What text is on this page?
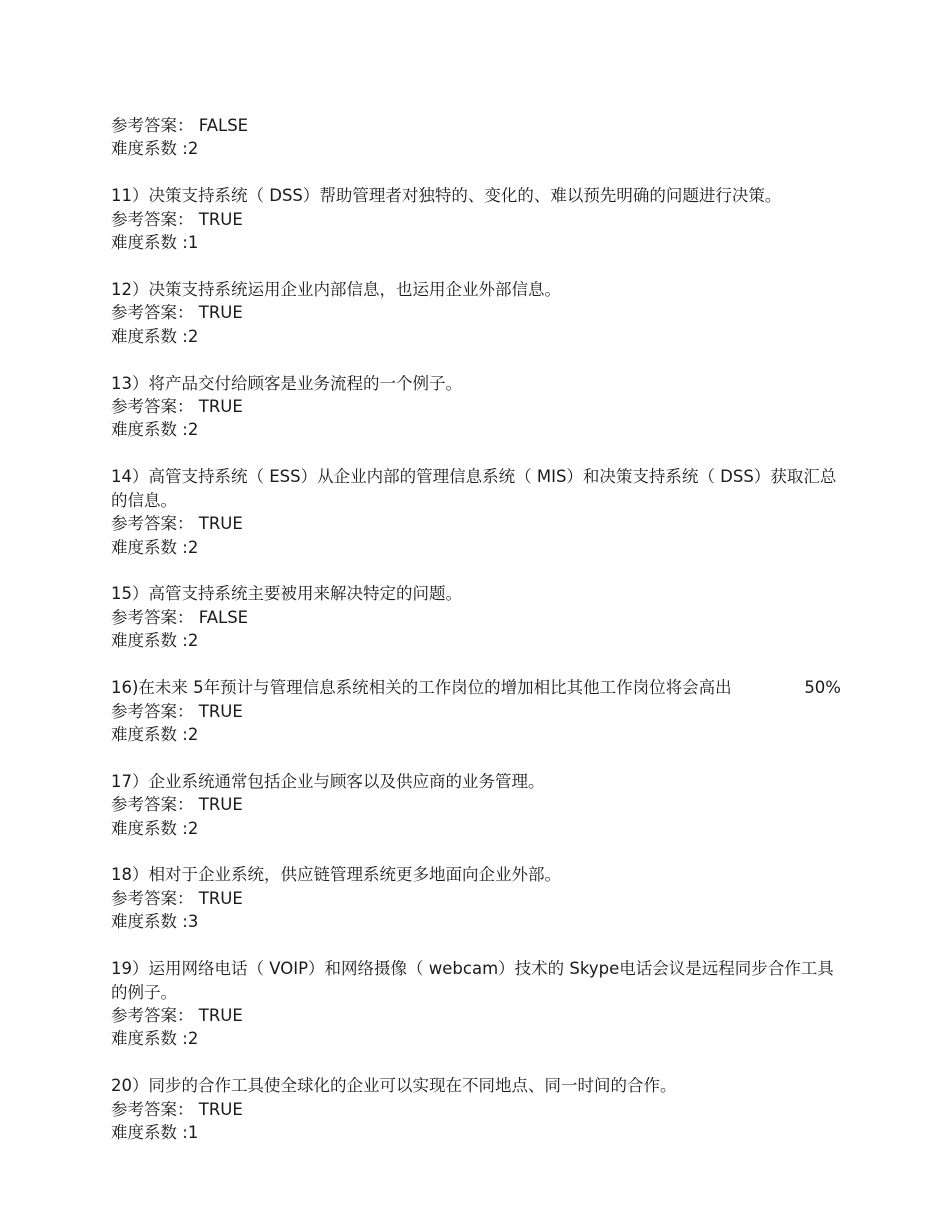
参考答案： FALSE
难度系数 :2
11）决策支持系统（ DSS）帮助管理者对独特的、变化的、难以预先明确的问题进行决策。
参考答案： TRUE
难度系数 :1
12）决策支持系统运用企业内部信息，也运用企业外部信息。
参考答案： TRUE
难度系数 :2
13）将产品交付给顾客是业务流程的一个例子。
参考答案： TRUE
难度系数 :2
14）高管支持系统（ ESS）从企业内部的管理信息系统（ MIS）和决策支持系统（ DSS）获取汇总的信息。
参考答案： TRUE
难度系数 :2
15）高管支持系统主要被用来解决特定的问题。
参考答案： FALSE
难度系数 :2
16)在未来 5年预计与管理信息系统相关的工作岗位的增加相比其他工作岗位将会高出	50%
参考答案： TRUE
难度系数 :2
17）企业系统通常包括企业与顾客以及供应商的业务管理。
参考答案： TRUE
难度系数 :2
18）相对于企业系统，供应链管理系统更多地面向企业外部。
参考答案： TRUE
难度系数 :3
19）运用网络电话（ VOIP）和网络摄像（ webcam）技术的 Skype电话会议是远程同步合作工具的例子。
参考答案： TRUE
难度系数 :2
20）同步的合作工具使全球化的企业可以实现在不同地点、同一时间的合作。
参考答案： TRUE
难度系数 :1
